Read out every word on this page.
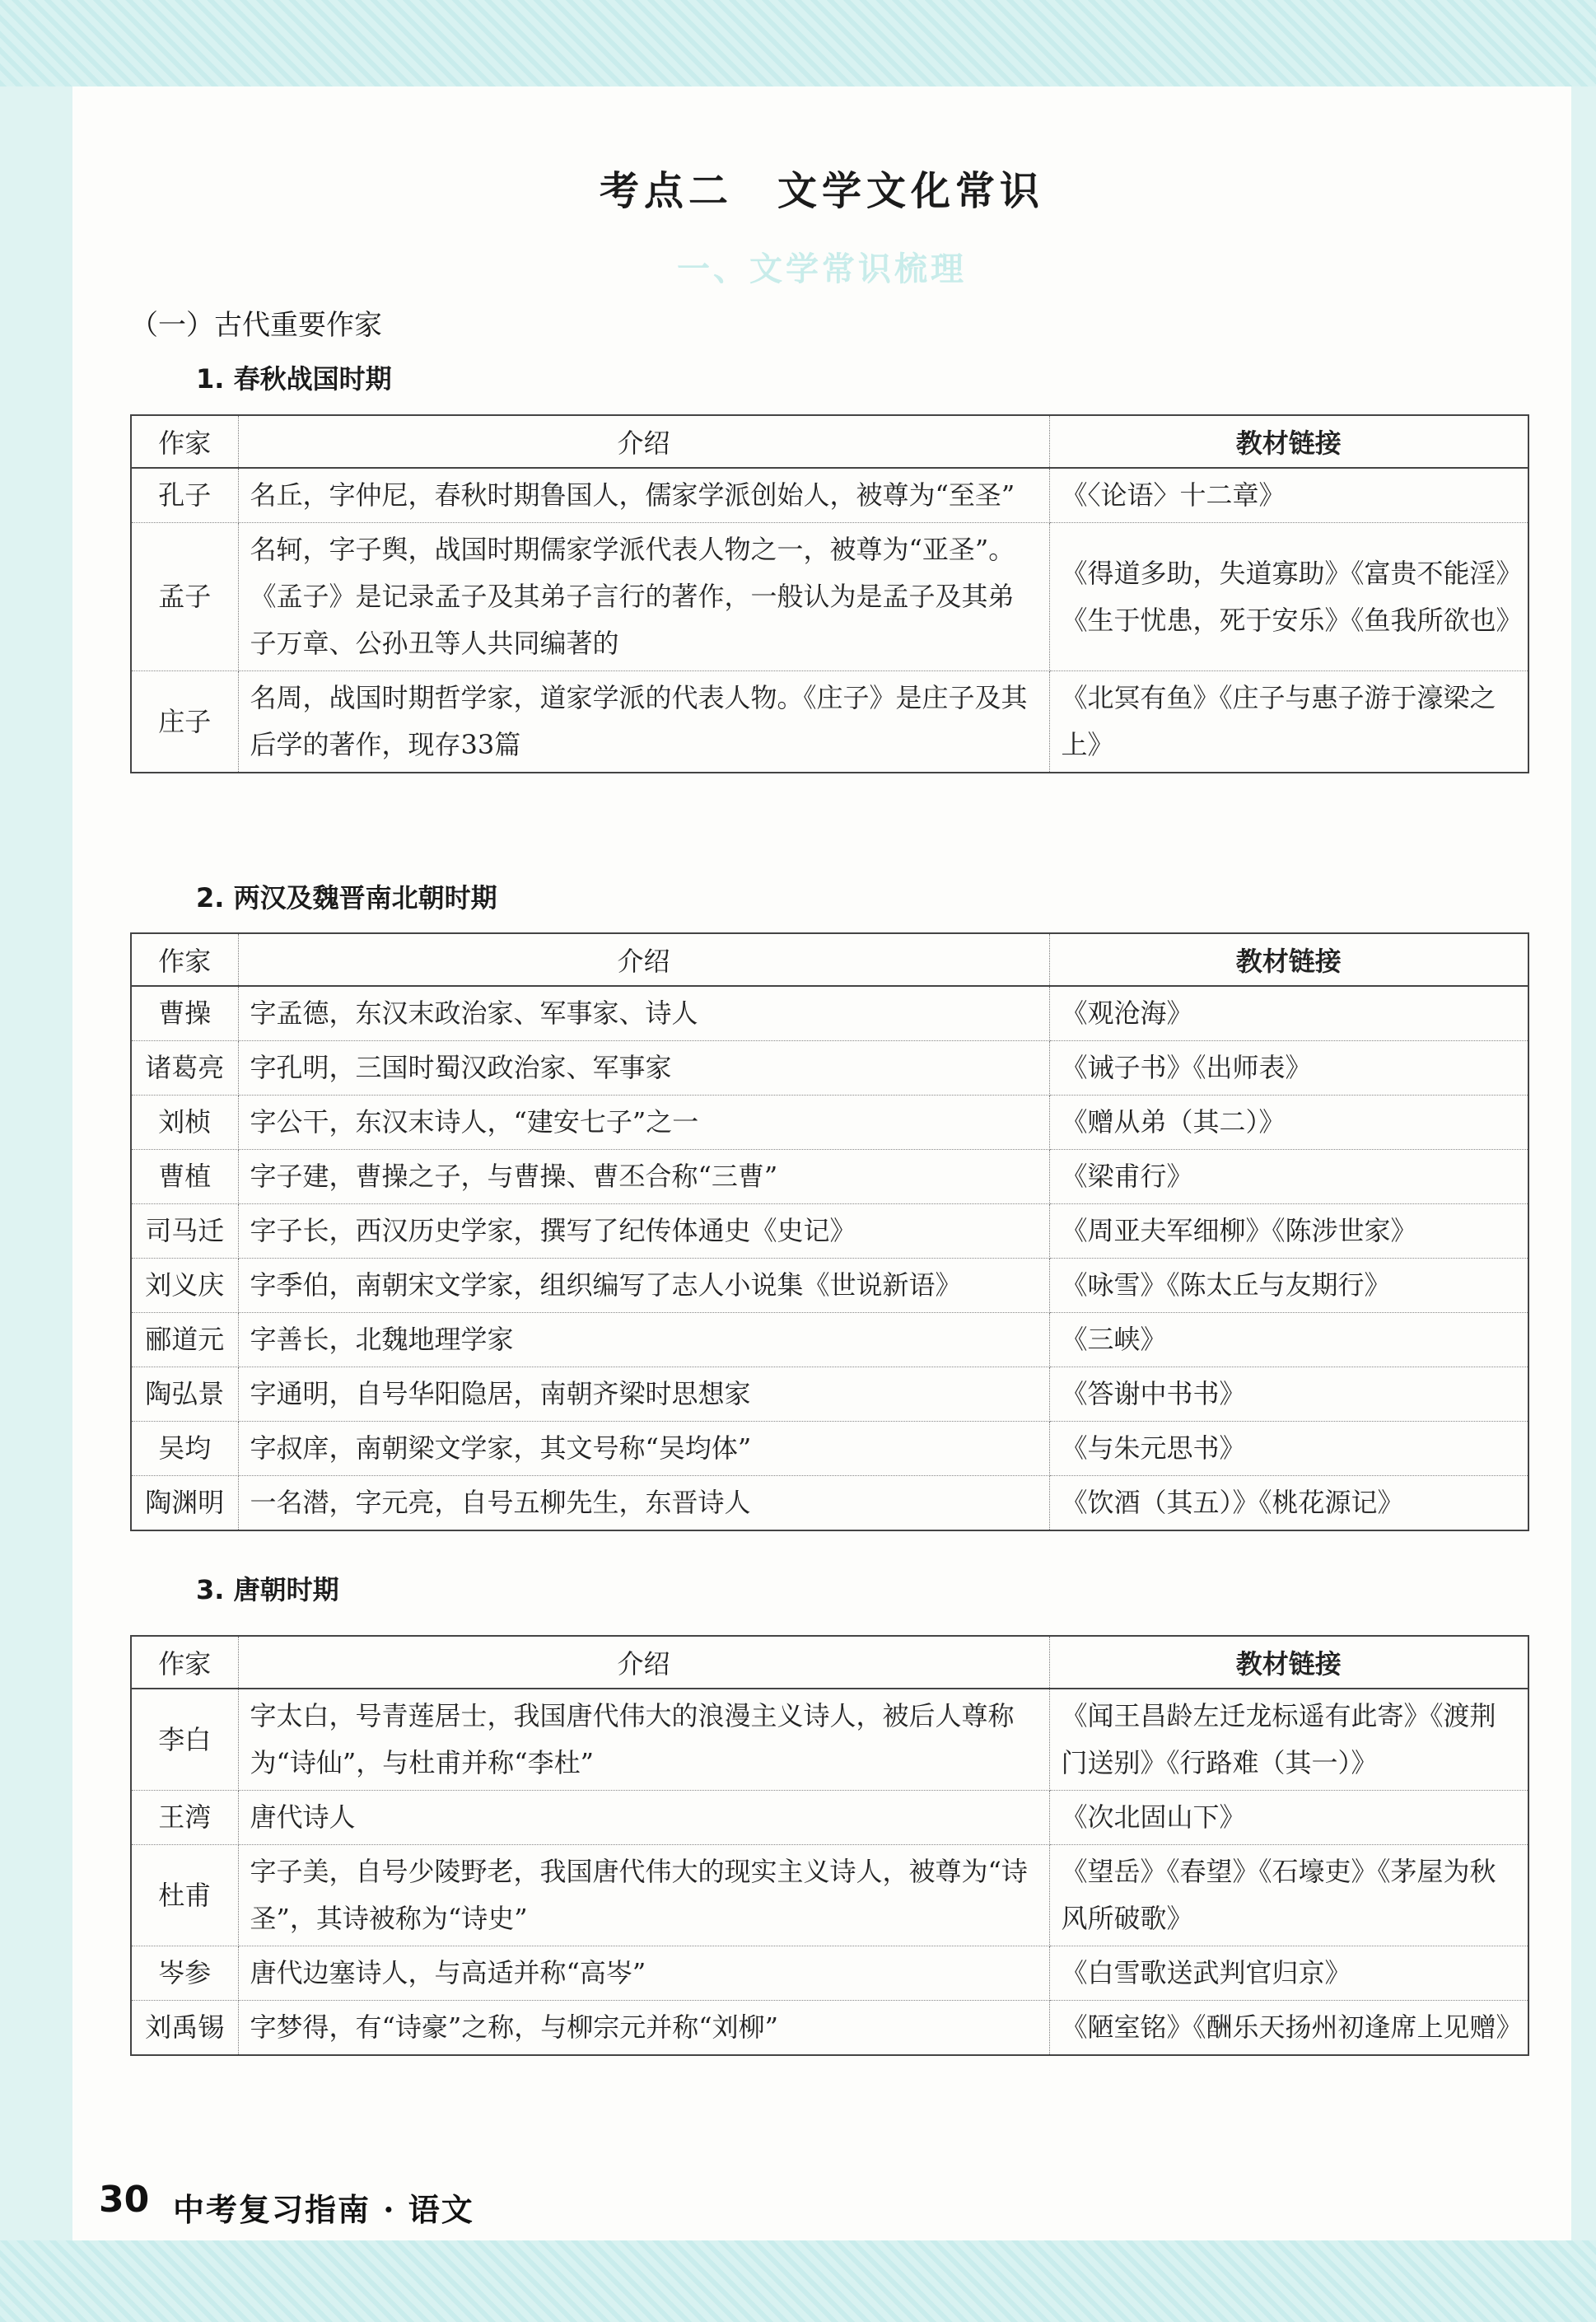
考点二　文学文化常识
一、文学常识梳理
（一）古代重要作家
1. 春秋战国时期
作家	介绍	教材链接
孔子	名丘，字仲尼，春秋时期鲁国人，儒家学派创始人，被尊为“至圣”	《〈论语〉十二章》
孟子	名轲，字子舆，战国时期儒家学派代表人物之一，被尊为“亚圣”。《孟子》是记录孟子及其弟子言行的著作，一般认为是孟子及其弟子万章、公孙丑等人共同编著的	《得道多助，失道寡助》《富贵不能淫》《生于忧患，死于安乐》《鱼我所欲也》
庄子	名周，战国时期哲学家，道家学派的代表人物。《庄子》是庄子及其后学的著作，现存33篇	《北冥有鱼》《庄子与惠子游于濠梁之上》
2. 两汉及魏晋南北朝时期
作家	介绍	教材链接
曹操	字孟德，东汉末政治家、军事家、诗人	《观沧海》
诸葛亮	字孔明，三国时蜀汉政治家、军事家	《诫子书》《出师表》
刘桢	字公干，东汉末诗人，“建安七子”之一	《赠从弟（其二）》
曹植	字子建，曹操之子，与曹操、曹丕合称“三曹”	《梁甫行》
司马迁	字子长，西汉历史学家，撰写了纪传体通史《史记》	《周亚夫军细柳》《陈涉世家》
刘义庆	字季伯，南朝宋文学家，组织编写了志人小说集《世说新语》	《咏雪》《陈太丘与友期行》
郦道元	字善长，北魏地理学家	《三峡》
陶弘景	字通明，自号华阳隐居，南朝齐梁时思想家	《答谢中书书》
吴均	字叔庠，南朝梁文学家，其文号称“吴均体”	《与朱元思书》
陶渊明	一名潜，字元亮，自号五柳先生，东晋诗人	《饮酒（其五）》《桃花源记》
3. 唐朝时期
作家	介绍	教材链接
李白	字太白，号青莲居士，我国唐代伟大的浪漫主义诗人，被后人尊称为“诗仙”，与杜甫并称“李杜”	《闻王昌龄左迁龙标遥有此寄》《渡荆门送别》《行路难（其一）》
王湾	唐代诗人	《次北固山下》
杜甫	字子美，自号少陵野老，我国唐代伟大的现实主义诗人，被尊为“诗圣”，其诗被称为“诗史”	《望岳》《春望》《石壕吏》《茅屋为秋风所破歌》
岑参	唐代边塞诗人，与高适并称“高岑”	《白雪歌送武判官归京》
刘禹锡	字梦得，有“诗豪”之称，与柳宗元并称“刘柳”	《陋室铭》《酬乐天扬州初逢席上见赠》
30 中考复习指南 · 语文
